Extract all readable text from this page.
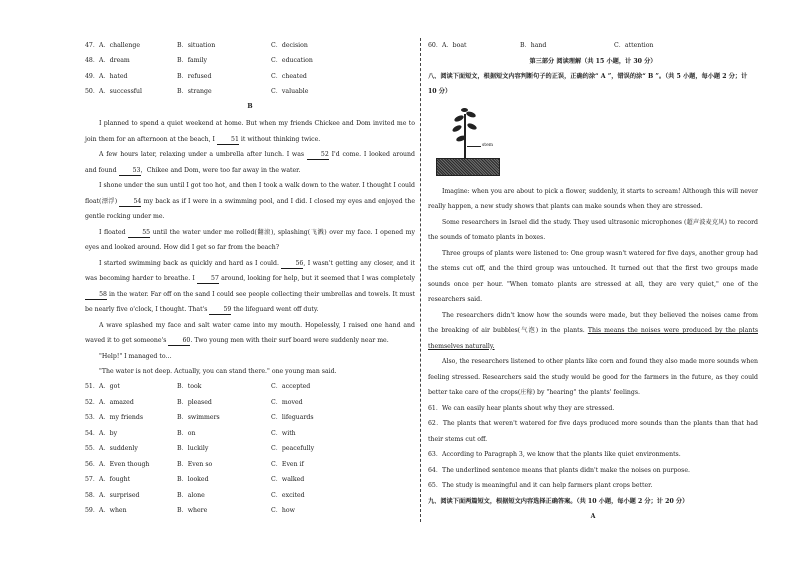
47． A．challenge	B．situation	C．decision
48． A．dream	B．family	C．education
49． A．hated	B．refused	C．cheated
50． A．successful	B．strange	C．valuable
B
I planned to spend a quiet weekend at home. But when my friends Chickee and Dom invited me to join them for an afternoon at the beach, I 51 it without thinking twice.
A few hours later, relaxing under a umbrella after lunch. I was 52 I'd come. I looked around and found 53，Chikee and Dom, were too far away in the water.
I shone under the sun until I got too hot, and then I took a walk down to the water. I thought I could float(漂浮) 54 my back as if I were in a swimming pool, and I did. I closed my eyes and enjoyed the gentle rocking under me.
I floated 55 until the water under me rolled(翻滚), splashing(飞溅) over my face. I opened my eyes and looked around. How did I get so far from the beach?
I started swimming back as quickly and hard as I could. 56, I wasn't getting any closer, and it was becoming harder to breathe. I 57 around, looking for help, but it seemed that I was completely 58 in the water. Far off on the sand I could see people collecting their umbrellas and towels. It must be nearly five o'clock, I thought. That's 59 the lifeguard went off duty.
A wave splashed my face and salt water came into my mouth. Hopelessly, I raised one hand and waved it to get someone's 60. Two young men with their surf board were suddenly near me.
"Help!" I managed to…
"The water is not deep. Actually, you can stand there." one young man said.
51． A．got	B．took	C．accepted
52． A．amazed	B．pleased	C．moved
53． A．my friends	B．swimmers	C．lifeguards
54． A．by	B．on	C．with
55． A．suddenly	B．luckily	C．peacefully
56． A．Even though	B．Even so	C．Even if
57． A．fought	B．looked	C．walked
58． A．surprised	B．alone	C．excited
59． A．when	B．where	C．how
60． A．boat	B．hand	C．attention
第三部分 阅读理解（共 15 小题，计 30 分）
八、阅读下面短文，根据短文内容判断句子的正误，正确的涂“ A ”，错误的涂“ B ”。（共 5 小题，每小题 2 分；计 10 分）
stem
Imagine: when you are about to pick a flower, suddenly, it starts to scream! Although this will never really happen, a new study shows that plants can make sounds when they are stressed.
Some researchers in Israel did the study. They used ultrasonic microphones (超声波麦克风) to record the sounds of tomato plants in boxes.
Three groups of plants were listened to: One group wasn't watered for five days, another group had the stems cut off, and the third group was untouched. It turned out that the first two groups made sounds once per hour. "When tomato plants are stressed at all, they are very quiet," one of the researchers said.
The researchers didn't know how the sounds were made, but they believed the noises came from the breaking of air bubbles(气泡) in the plants. This means the noises were produced by the plants themselves naturally.
Also, the researchers listened to other plants like corn and found they also made more sounds when feeling stressed. Researchers said the study would be good for the farmers in the future, as they could better take care of the crops(庄稼) by "hearing" the plants' feelings.
61．We can easily hear plants shout why they are stressed.
62．The plants that weren't watered for five days produced more sounds than the plants than that had their stems cut off.
63．According to Paragraph 3, we know that the plants like quiet environments.
64．The underlined sentence means that plants didn't make the noises on purpose.
65．The study is meaningful and it can help farmers plant crops better.
九、阅读下面两篇短文，根据短文内容选择正确答案。（共 10 小题，每小题 2 分；计 20 分）
A
